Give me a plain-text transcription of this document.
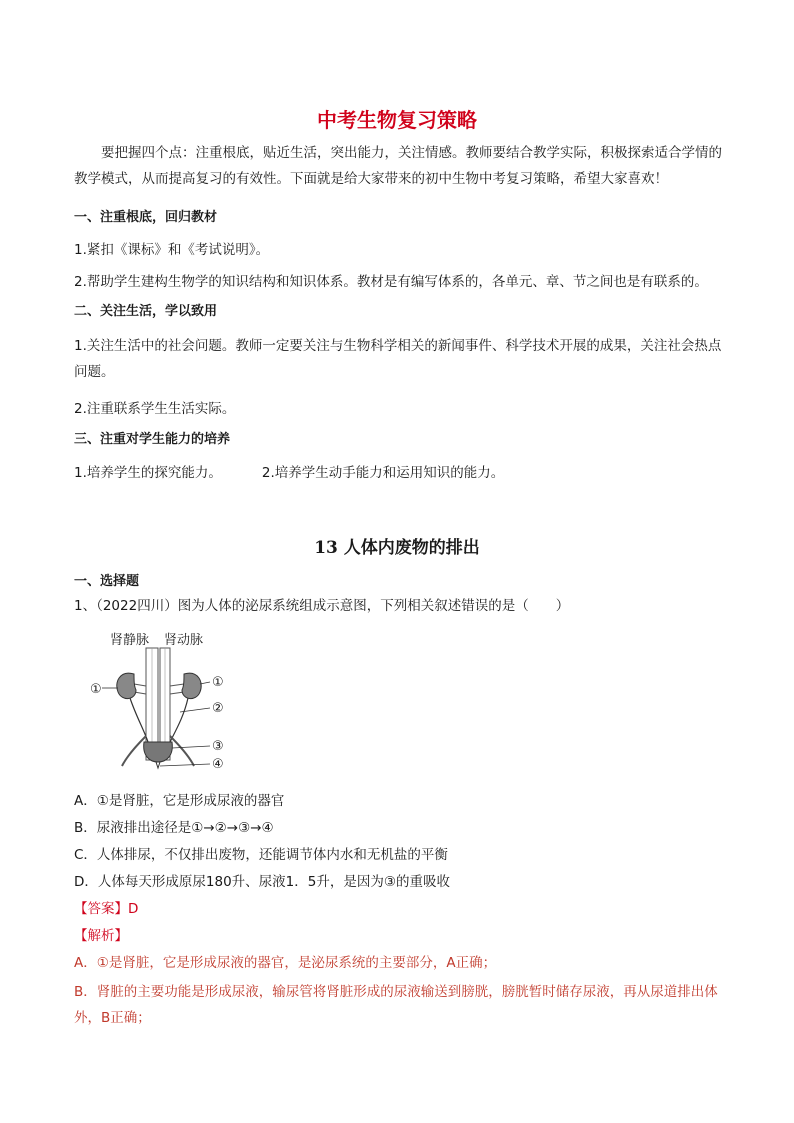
中考生物复习策略
要把握四个点：注重根底，贴近生活，突出能力，关注情感。教师要结合教学实际，积极探索适合学情的教学模式，从而提高复习的有效性。下面就是给大家带来的初中生物中考复习策略，希望大家喜欢！
一、注重根底，回归教材
1.紧扣《课标》和《考试说明》。
2.帮助学生建构生物学的知识结构和知识体系。教材是有编写体系的，各单元、章、节之间也是有联系的。
二、关注生活，学以致用
1.关注生活中的社会问题。教师一定要关注与生物科学相关的新闻事件、科学技术开展的成果，关注社会热点问题。
2.注重联系学生生活实际。
三、注重对学生能力的培养
1.培养学生的探究能力。	2.培养学生动手能力和运用知识的能力。
13 人体内废物的排出
一、选择题
1、（2022四川）图为人体的泌尿系统组成示意图，下列相关叙述错误的是（　　）
肾静脉 肾动脉
①	①
②
③
④
A．①是肾脏，它是形成尿液的器官
B．尿液排出途径是①→②→③→④
C．人体排尿，不仅排出废物，还能调节体内水和无机盐的平衡
D．人体每天形成原尿180升、尿液1．5升，是因为③的重吸收
【答案】D
【解析】
A．①是肾脏，它是形成尿液的器官，是泌尿系统的主要部分，A正确；
B．肾脏的主要功能是形成尿液，输尿管将肾脏形成的尿液输送到膀胱，膀胱暂时储存尿液，再从尿道排出体外，B正确；
